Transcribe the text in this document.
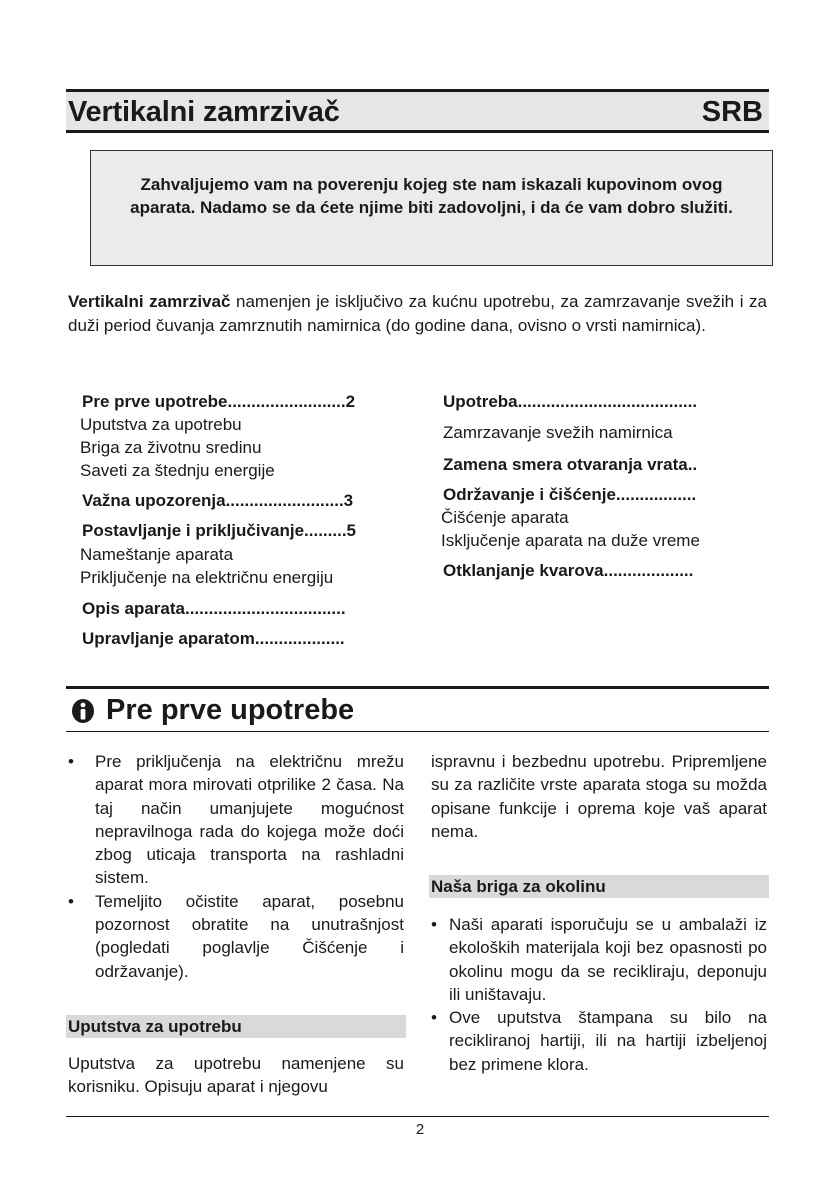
Vertikalni zamrzivač	SRB
Zahvaljujemo vam na poverenju kojeg ste nam iskazali kupovinom ovog aparata. Nadamo se da ćete njime biti zadovoljni, i da će vam dobro služiti.
Vertikalni zamrzivač namenjen je isključivo za kućnu upotrebu, za zamrzavanje svežih i za duži period čuvanja zamrznutih namirnica (do godine dana, ovisno o vrsti namirnica).
Pre prve upotrebe.........................2
Uputstva za upotrebu
Briga za životnu sredinu
Saveti za štednju energije
Važna upozorenja.........................3
Postavljanje i priključivanje.........5
Nameštanje aparata
Priključenje na električnu energiju
Opis aparata..................................
Upravljanje aparatom...................
Upotreba......................................
Zamrzavanje svežih namirnica
Zamena smera otvaranja vrata..
Održavanje i čišćenje.................
Čišćenje aparata
Isključenje aparata na duže vreme
Otklanjanje kvarova...................
Pre prve upotrebe
• Pre priključenja na električnu mrežu aparat mora mirovati otprilike 2 časa. Na taj način umanjujete mogućnost nepravilnoga rada do kojega može doći zbog uticaja transporta na rashladni sistem.
• Temeljito očistite aparat, posebnu pozornost obratite na unutrašnjost (pogledati poglavlje Čišćenje i održavanje).
Uputstva za upotrebu
Uputstva za upotrebu namenjene su korisniku. Opisuju aparat i njegovu
ispravnu i bezbednu upotrebu. Pripremljene su za različite vrste aparata stoga su možda opisane funkcije i oprema koje vaš aparat nema.
Naša briga za okolinu
• Naši aparati isporučuju se u ambalaži iz ekoloških materijala koji bez opasnosti po okolinu mogu da se recikliraju, deponuju ili uništavaju.
• Ove uputstva štampana su bilo na recikliranoj hartiji, ili na hartiji izbeljenoj bez primene klora.
2
